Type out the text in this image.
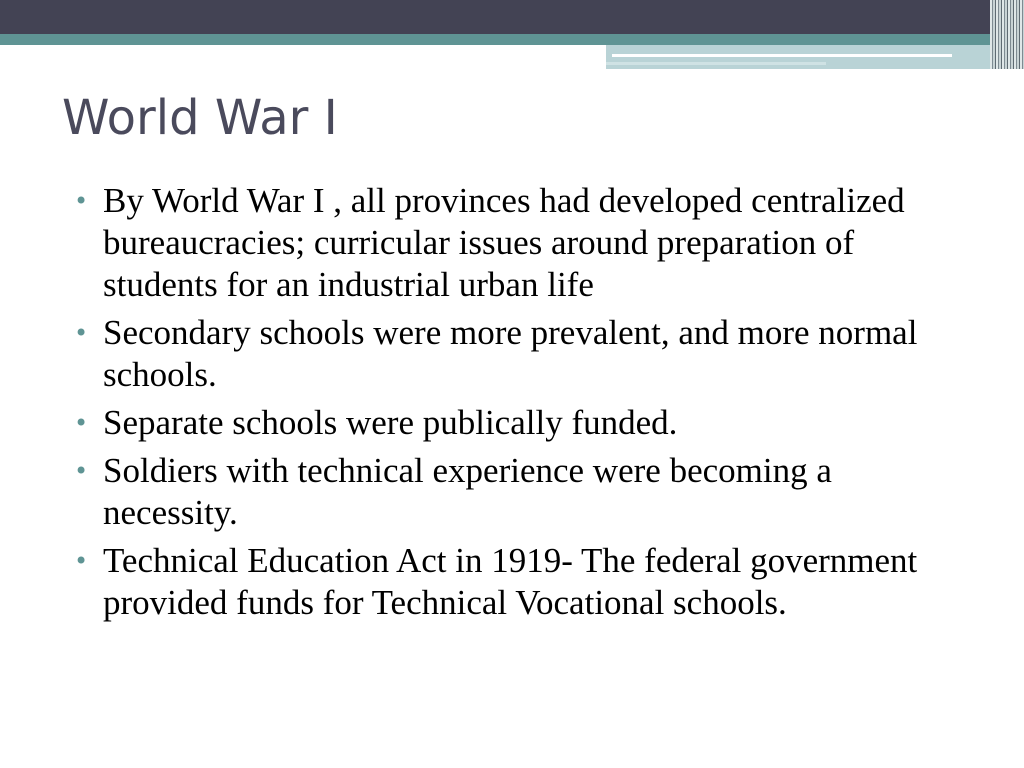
World War I
• By World War I , all provinces had developed centralized bureaucracies; curricular issues around preparation of students for an industrial urban life
• Secondary schools were more prevalent, and more normal schools.
• Separate schools were publically funded.
• Soldiers with technical experience were becoming a necessity.
• Technical Education Act in 1919- The federal government provided funds for Technical Vocational schools.
